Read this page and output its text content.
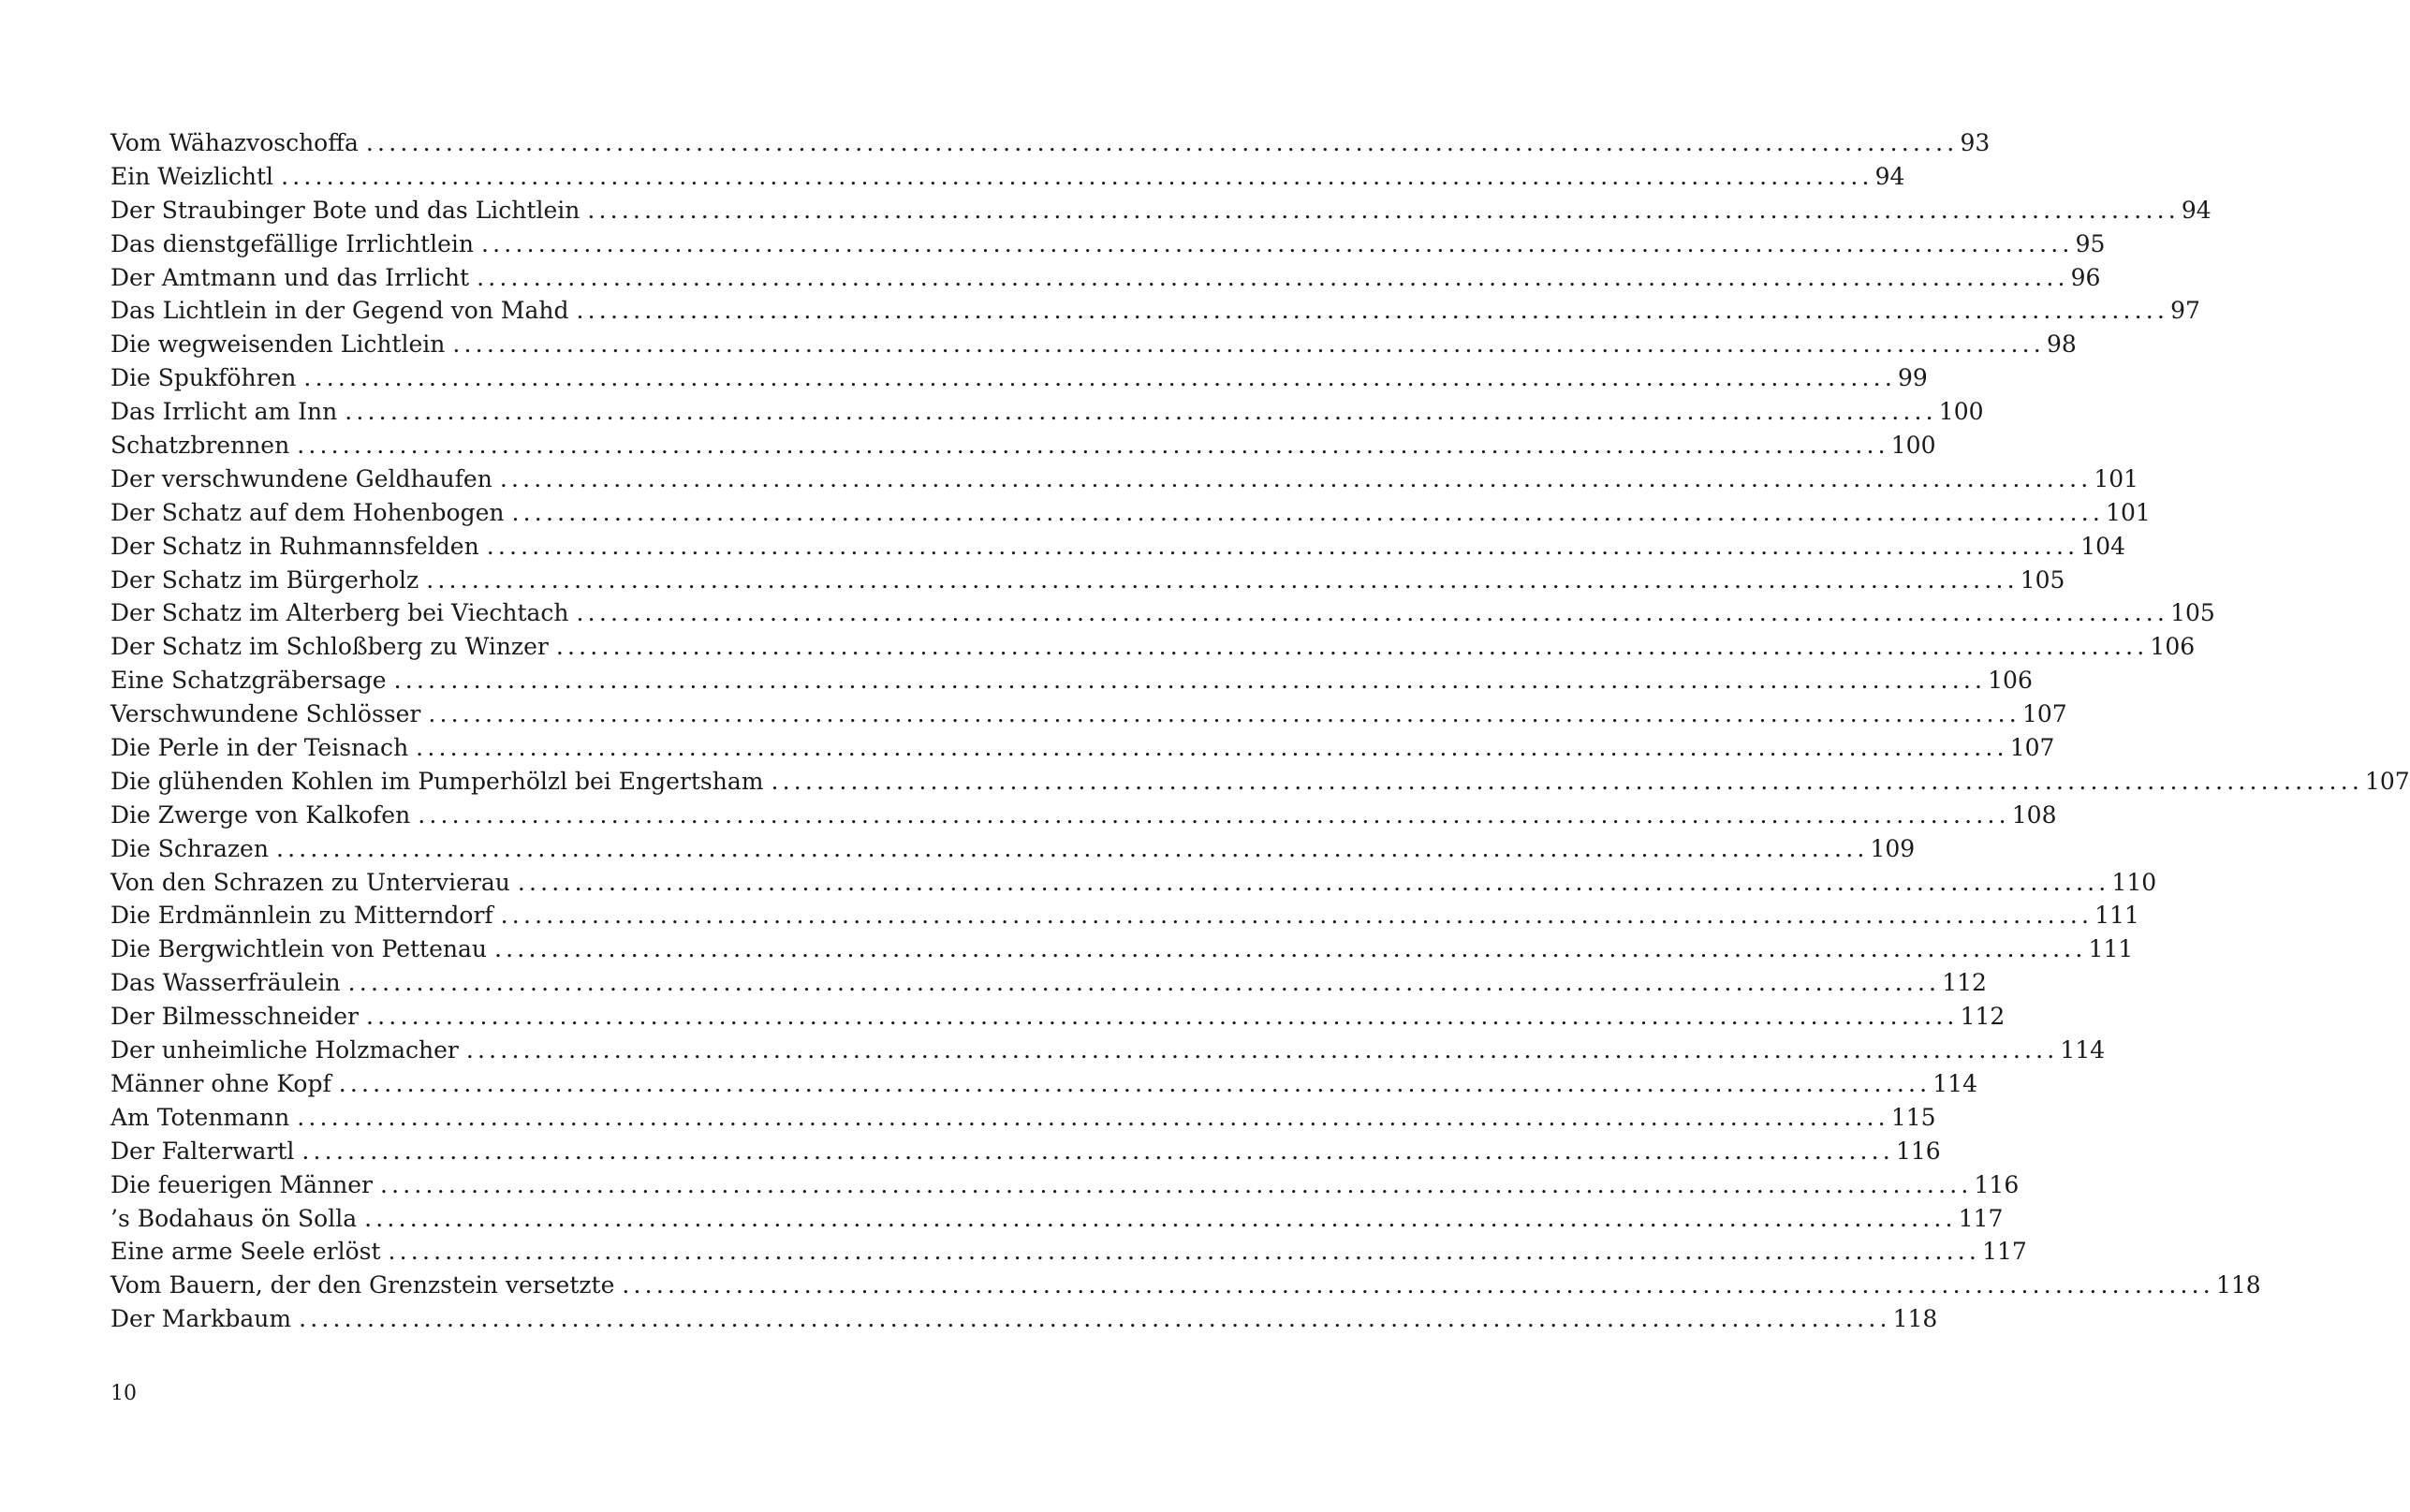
Vom Wähazvoschoffa ............................................................................................................................................ 93
Ein Weizlichtl ............................................................................................................................................ 94
Der Straubinger Bote und das Lichtlein ............................................................................................................................................ 94
Das dienstgefällige Irrlichtlein ............................................................................................................................................ 95
Der Amtmann und das Irrlicht ............................................................................................................................................ 96
Das Lichtlein in der Gegend von Mahd ............................................................................................................................................ 97
Die wegweisenden Lichtlein ............................................................................................................................................ 98
Die Spukföhren ............................................................................................................................................ 99
Das Irrlicht am Inn ............................................................................................................................................ 100
Schatzbrennen ............................................................................................................................................ 100
Der verschwundene Geldhaufen ............................................................................................................................................ 101
Der Schatz auf dem Hohenbogen ............................................................................................................................................ 101
Der Schatz in Ruhmannsfelden ............................................................................................................................................ 104
Der Schatz im Bürgerholz ............................................................................................................................................ 105
Der Schatz im Alterberg bei Viechtach ............................................................................................................................................ 105
Der Schatz im Schloßberg zu Winzer ............................................................................................................................................ 106
Eine Schatzgräbersage ............................................................................................................................................ 106
Verschwundene Schlösser ............................................................................................................................................ 107
Die Perle in der Teisnach ............................................................................................................................................ 107
Die glühenden Kohlen im Pumperhölzl bei Engertsham ............................................................................................................................................ 107
Die Zwerge von Kalkofen ............................................................................................................................................ 108
Die Schrazen ............................................................................................................................................ 109
Von den Schrazen zu Untervierau ............................................................................................................................................ 110
Die Erdmännlein zu Mitterndorf ............................................................................................................................................ 111
Die Bergwichtlein von Pettenau ............................................................................................................................................ 111
Das Wasserfräulein ............................................................................................................................................ 112
Der Bilmesschneider ............................................................................................................................................ 112
Der unheimliche Holzmacher ............................................................................................................................................ 114
Männer ohne Kopf ............................................................................................................................................ 114
Am Totenmann ............................................................................................................................................ 115
Der Falterwartl ............................................................................................................................................ 116
Die feuerigen Männer ............................................................................................................................................ 116
’s Bodahaus ön Solla ............................................................................................................................................ 117
Eine arme Seele erlöst ............................................................................................................................................ 117
Vom Bauern, der den Grenzstein versetzte ............................................................................................................................................ 118
Der Markbaum ............................................................................................................................................ 118
10
